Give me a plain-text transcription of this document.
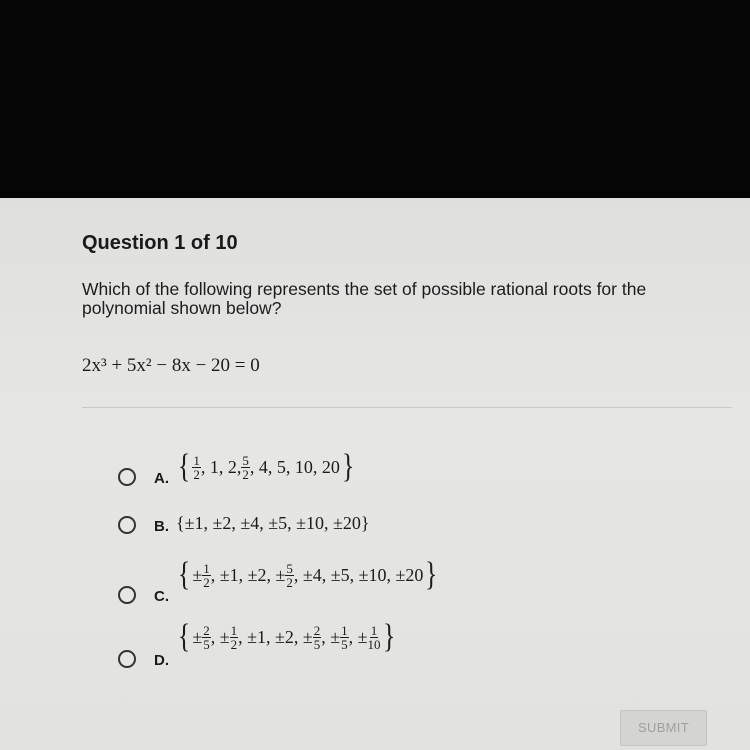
Question 1 of 10
Which of the following represents the set of possible rational roots for the polynomial shown below?
2x³ + 5x² − 8x − 20 = 0
A. { $\frac{1}{2}$ , 1, 2, $\frac{5}{2}$ , 4, 5, 10, 20 }
B. {±1, ±2, ±4, ±5, ±10, ±20}
C.
{ ± $\frac{1}{2}$ , ±1, ±2, ± $\frac{5}{2}$ , ±4, ±5, ±10, ±20 }
D.
{ ± $\frac{2}{5}$ , ± $\frac{1}{2}$ , ±1, ±2, ± $\frac{2}{5}$ , ± $\frac{1}{5}$ , ± $\frac{1}{10}$ }
SUBMIT
